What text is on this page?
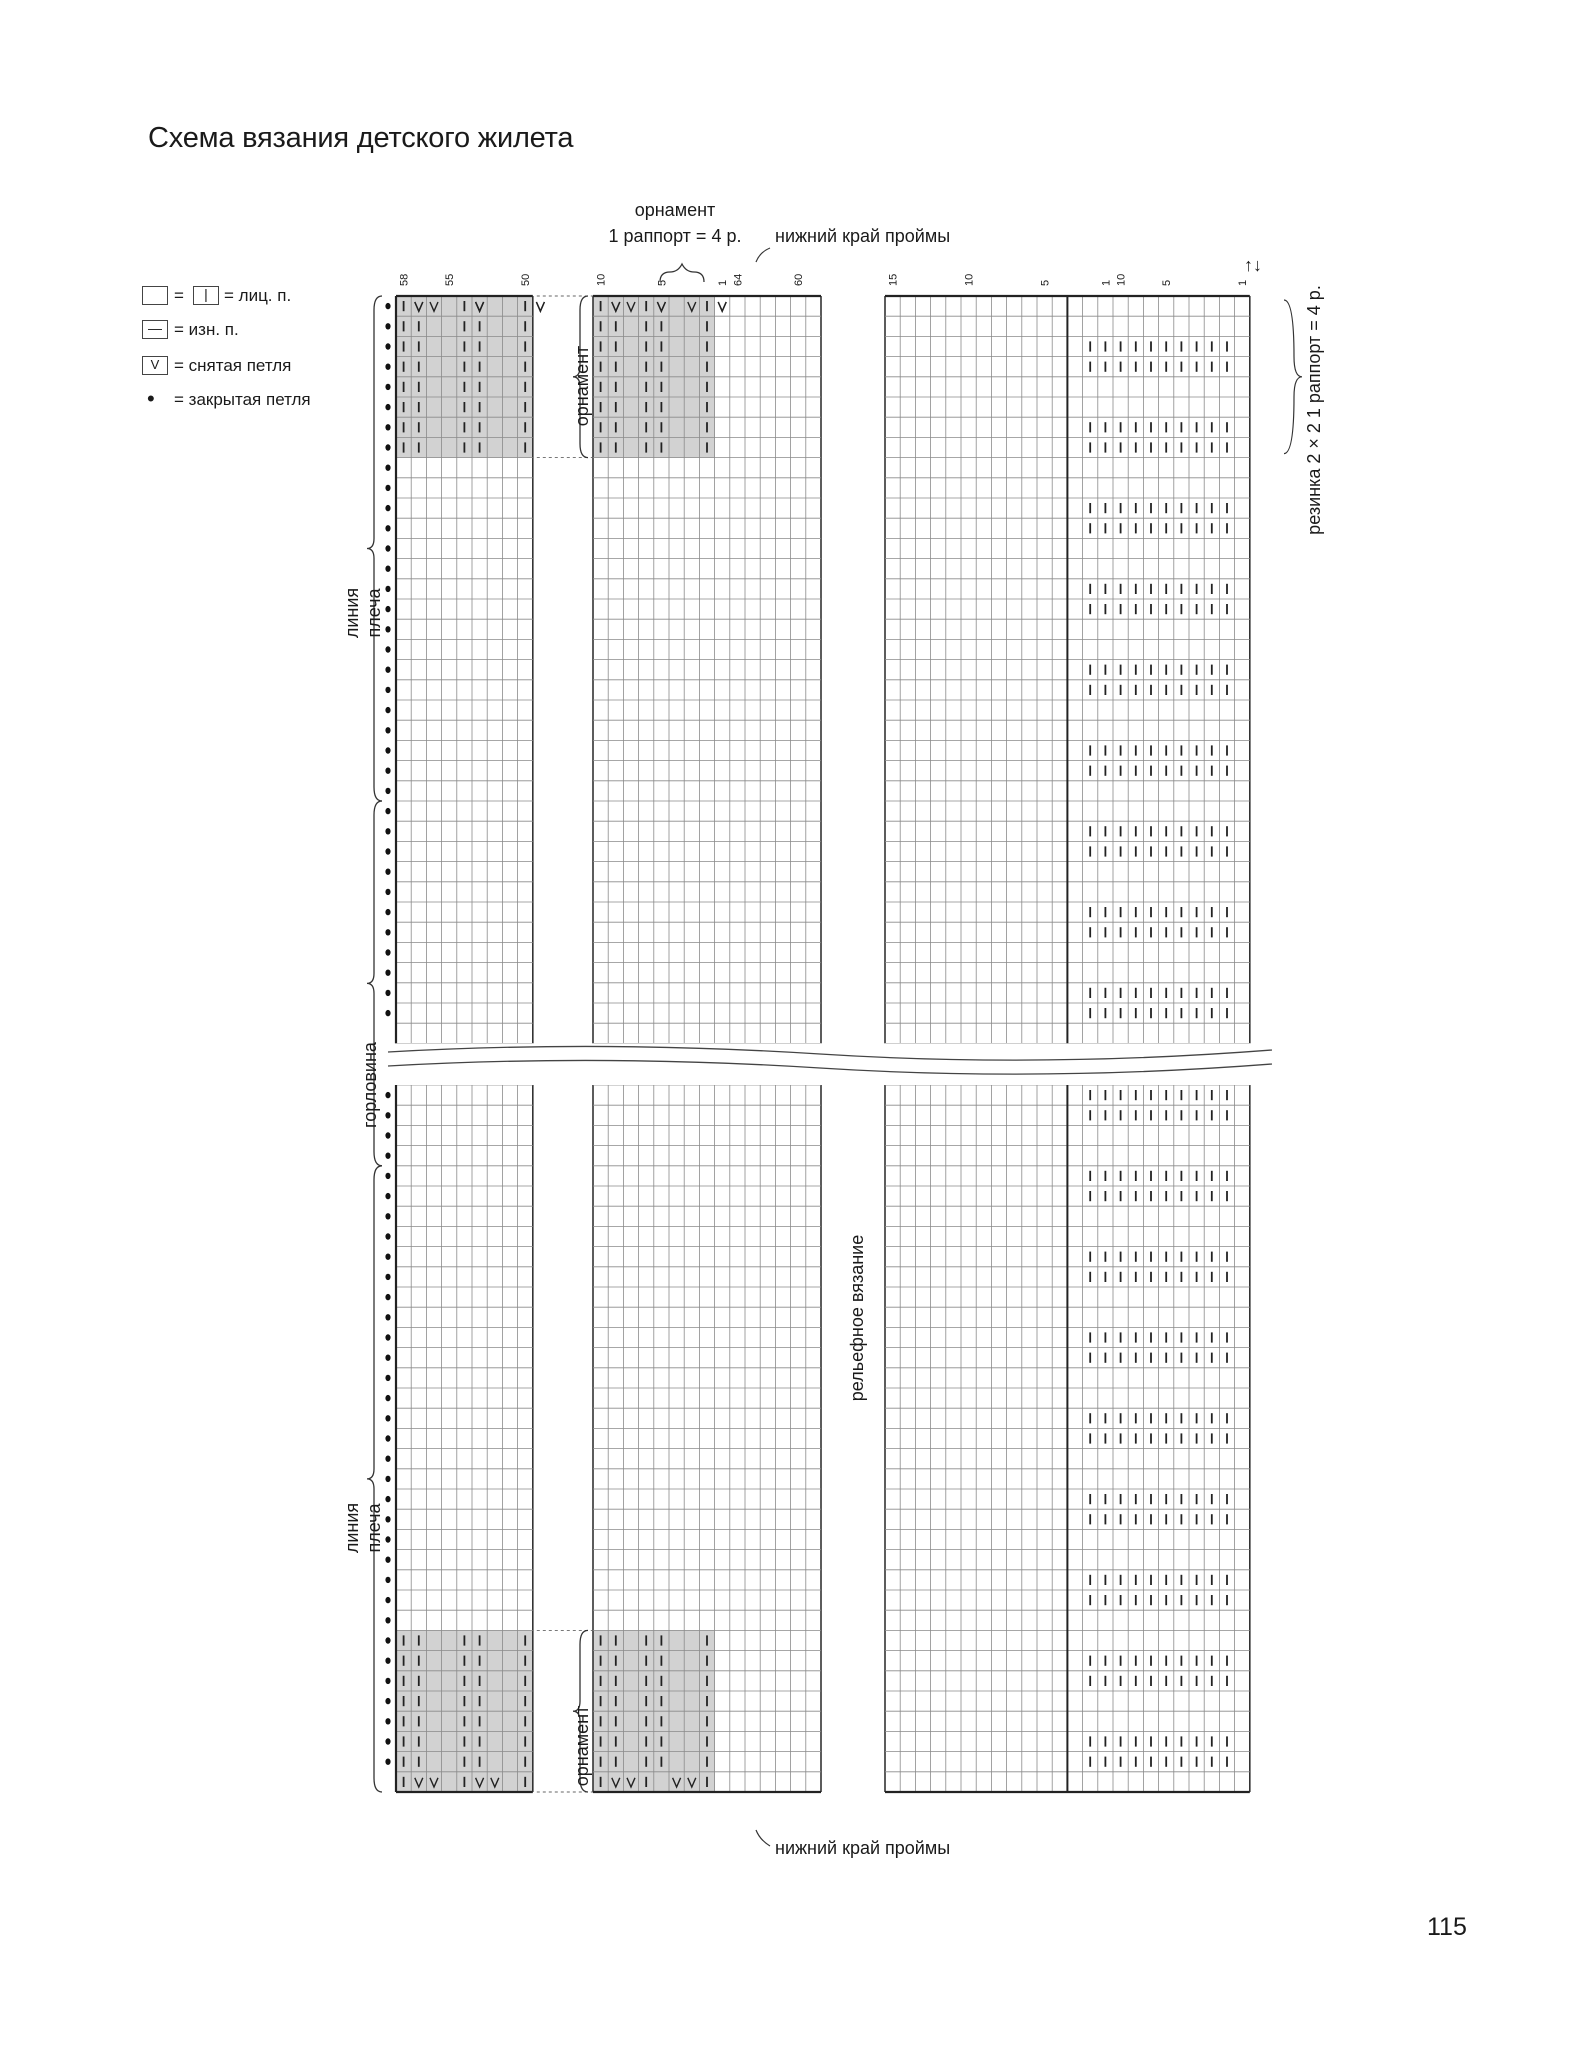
Схема вязания детского жилета
=	| = лиц. п.
— = изн. п.
V = снятая петля
• = закрытая петля
58	55	50	10	5	1 64	60	15	10	5	1 10	5	1
орнамент
1 раппорт = 4 р. нижний край проймы
↑↓
нижний край проймы
орнамент
орнамент
линия плеча
горловина
линия плеча
рельефное вязание
резинка 2 × 2 1 раппорт = 4 р.
115
